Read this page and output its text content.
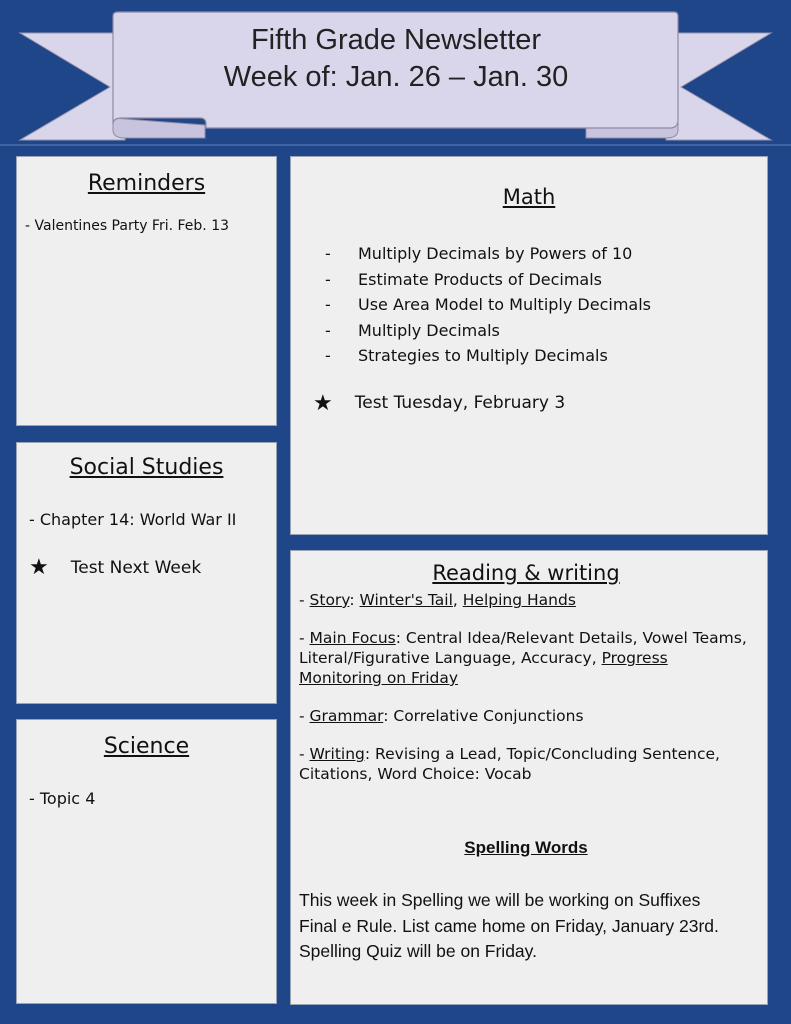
Fifth Grade Newsletter
Week of: Jan. 26 – Jan. 30
Reminders
- Valentines Party Fri. Feb. 13
Social Studies
- Chapter 14: World War II
★ Test Next Week
Science
- Topic 4
Math
-	Multiply Decimals by Powers of 10
-	Estimate Products of Decimals
-	Use Area Model to Multiply Decimals
-	Multiply Decimals
-	Strategies to Multiply Decimals
★ Test Tuesday, February 3
Reading & writing

- Story: Winter's Tail, Helping Hands

- Main Focus: Central Idea/Relevant Details, Vowel Teams, Literal/Figurative Language, Accuracy, Progress Monitoring on Friday

- Grammar: Correlative Conjunctions

- Writing: Revising a Lead, Topic/Concluding Sentence, Citations, Word Choice: Vocab

Spelling Words
This week in Spelling we will be working on Suffixes Final e Rule. List came home on Friday, January 23rd. Spelling Quiz will be on Friday.
